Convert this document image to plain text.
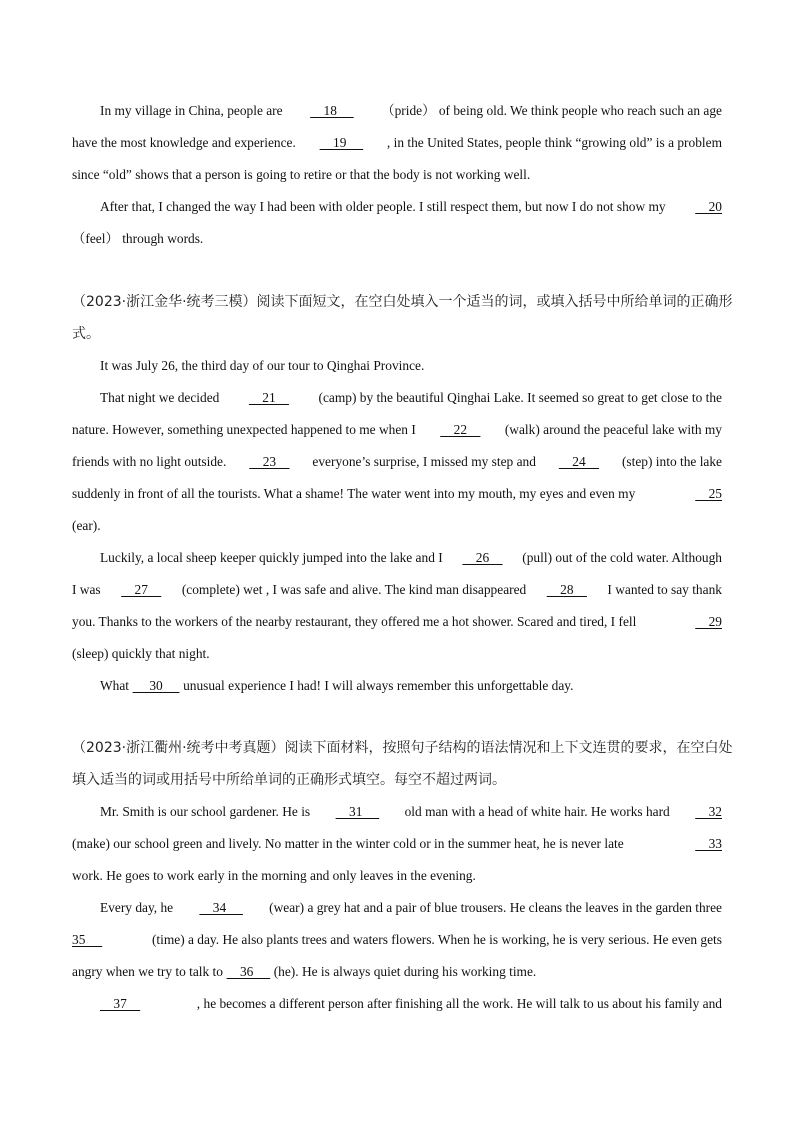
In my village in China, people are 18 （pride） of being old. We think people who reach such an age
have the most knowledge and experience. 19 , in the United States, people think “growing old” is a problem
since “old” shows that a person is going to retire or that the body is not working well.
After that, I changed the way I had been with older people. I still respect them, but now I do not show my 20
（feel） through words.
（2023·浙江金华·统考三模）阅读下面短文，在空白处填入一个适当的词，或填入括号中所给单词的正确形
式。
It was July 26, the third day of our tour to Qinghai Province.
That night we decided 21 (camp) by the beautiful Qinghai Lake. It seemed so great to get close to the
nature. However, something unexpected happened to me when I 22 (walk) around the peaceful lake with my
friends with no light outside. 23 everyone’s surprise, I missed my step and 24 (step) into the lake
suddenly in front of all the tourists. What a shame! The water went into my mouth, my eyes and even my	25
(ear).
Luckily, a local sheep keeper quickly jumped into the lake and I 26 (pull) out of the cold water. Although
I was 27 (complete) wet , I was safe and alive. The kind man disappeared 28 I wanted to say thank
you. Thanks to the workers of the nearby restaurant, they offered me a hot shower. Scared and tired, I fell	29
(sleep) quickly that night.
What 30 unusual experience I had! I will always remember this unforgettable day.
（2023·浙江衢州·统考中考真题）阅读下面材料，按照句子结构的语法情况和上下文连贯的要求，在空白处
填入适当的词或用括号中所给单词的正确形式填空。每空不超过两词。
Mr. Smith is our school gardener. He is 31 old man with a head of white hair. He works hard 32
(make) our school green and lively. No matter in the winter cold or in the summer heat, he is never late	33
work. He goes to work early in the morning and only leaves in the evening.
Every day, he 34 (wear) a grey hat and a pair of blue trousers. He cleans the leaves in the garden three
35	(time) a day. He also plants trees and waters flowers. When he is working, he is very serious. He even gets
angry when we try to talk to 36 (he). He is always quiet during his working time.
37	, he becomes a different person after finishing all the work. He will talk to us about his family and
